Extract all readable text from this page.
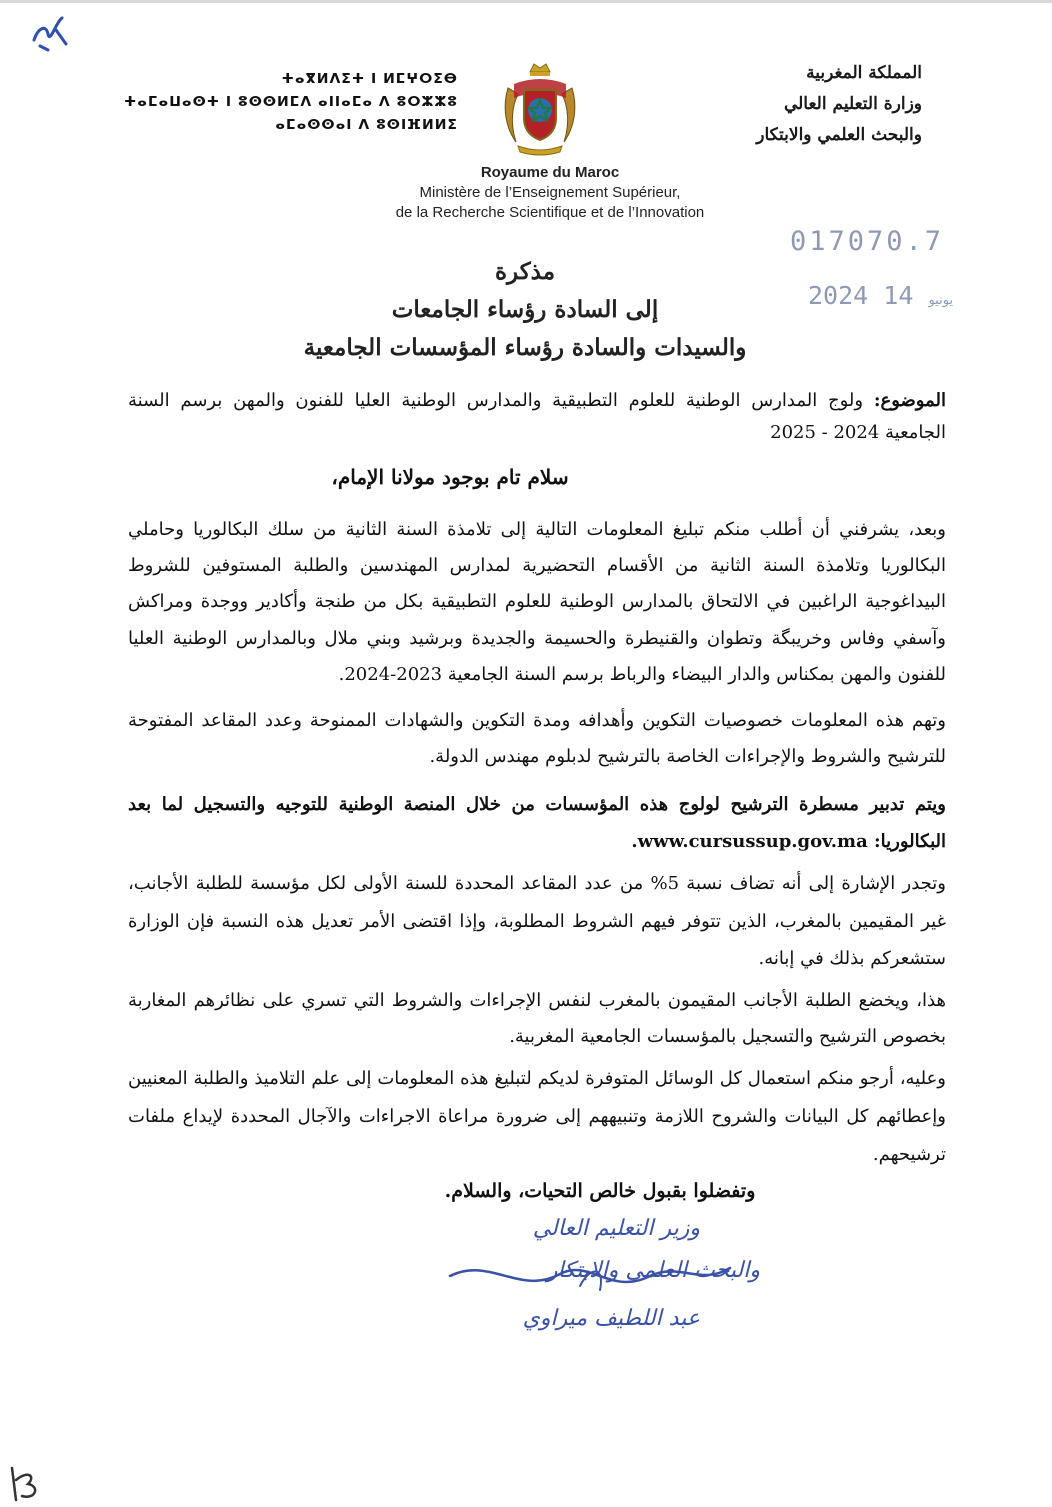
المملكة المغربية
وزارة التعليم العالي
والبحث العلمي والابتكار
ⵜⴰⴳⵍⴷⵉⵜ ⵏ ⵍⵎⵖⵔⵉⴱ
ⵜⴰⵎⴰⵡⴰⵙⵜ ⵏ ⵓⵙⵙⵍⵎⴷ ⴰⵏⵏⴰⵎⴰ ⴷ ⵓⵔⵣⵣⵓ
ⴰⵎⴰⵙⵙⴰⵏ ⴷ ⵓⵙⵏⴼⵍⵍⵉ
Royaume du Maroc
Ministère de l’Enseignement Supérieur,
de la Recherche Scientifique et de l’Innovation
017070.7
2024	يونيو 14
مذكرة
إلى السادة رؤساء الجامعات
والسيدات والسادة رؤساء المؤسسات الجامعية
الموضوع: ولوج المدارس الوطنية للعلوم التطبيقية والمدارس الوطنية العليا للفنون والمهن برسم السنة الجامعية 2024 - 2025
سلام تام بوجود مولانا الإمام،
وبعد، يشرفني أن أطلب منكم تبليغ المعلومات التالية إلى تلامذة السنة الثانية من سلك البكالوريا وحاملي البكالوريا وتلامذة السنة الثانية من الأقسام التحضيرية لمدارس المهندسين والطلبة المستوفين للشروط البيداغوجية الراغبين في الالتحاق بالمدارس الوطنية للعلوم التطبيقية بكل من طنجة وأكادير ووجدة ومراكش وآسفي وفاس وخريبگة وتطوان والقنيطرة والحسيمة والجديدة وبرشيد وبني ملال وبالمدارس الوطنية العليا للفنون والمهن بمكناس والدار البيضاء والرباط برسم السنة الجامعية 2023-2024.
وتهم هذه المعلومات خصوصيات التكوين وأهدافه ومدة التكوين والشهادات الممنوحة وعدد المقاعد المفتوحة للترشيح والشروط والإجراءات الخاصة بالترشيح لدبلوم مهندس الدولة.
ويتم تدبير مسطرة الترشيح لولوج هذه المؤسسات من خلال المنصة الوطنية للتوجيه والتسجيل لما بعد البكالوريا: www.cursussup.gov.ma.
وتجدر الإشارة إلى أنه تضاف نسبة 5% من عدد المقاعد المحددة للسنة الأولى لكل مؤسسة للطلبة الأجانب، غير المقيمين بالمغرب، الذين تتوفر فيهم الشروط المطلوبة، وإذا اقتضى الأمر تعديل هذه النسبة فإن الوزارة ستشعركم بذلك في إبانه.
هذا، ويخضع الطلبة الأجانب المقيمون بالمغرب لنفس الإجراءات والشروط التي تسري على نظائرهم المغاربة بخصوص الترشيح والتسجيل بالمؤسسات الجامعية المغربية.
وعليه، أرجو منكم استعمال كل الوسائل المتوفرة لديكم لتبليغ هذه المعلومات إلى علم التلاميذ والطلبة المعنيين وإعطائهم كل البيانات والشروح اللازمة وتنبيههم إلى ضرورة مراعاة الاجراءات والآجال المحددة لإيداع ملفات ترشيحهم.
وتفضلوا بقبول خالص التحيات، والسلام.
وزير التعليم العالي
والبحث العلمي والابتكار
عبد اللطيف ميراوي
